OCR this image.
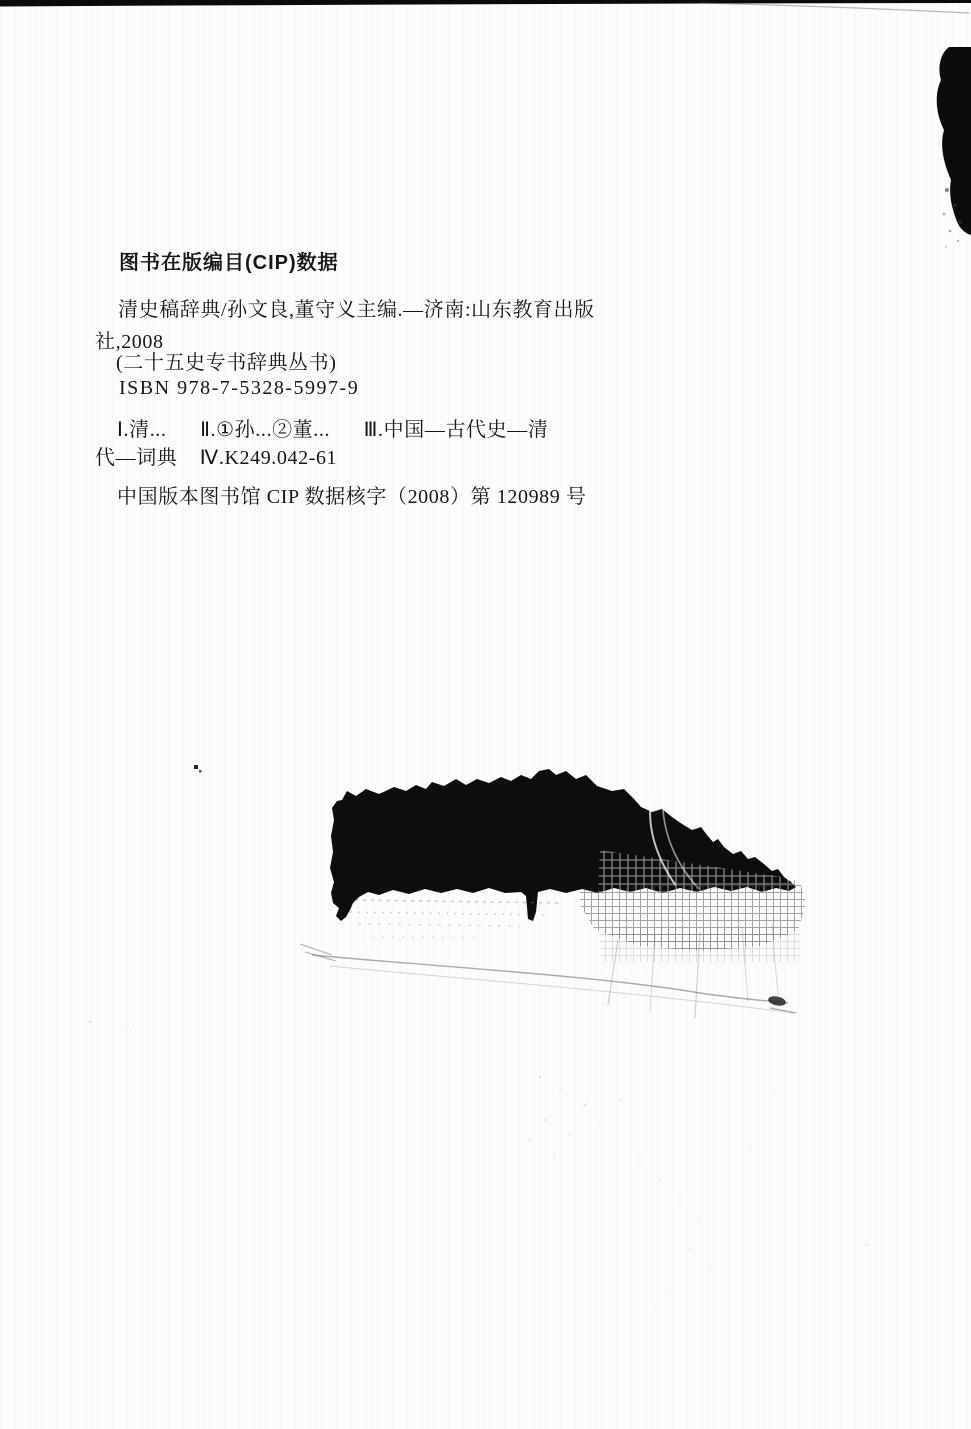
图书在版编目(CIP)数据
清史稿辞典/孙文良,董守义主编.—济南:山东教育出版
社,2008
(二十五史专书辞典丛书)
ISBN 978-7-5328-5997-9
Ⅰ.清...      Ⅱ.①孙...②董...      Ⅲ.中国—古代史—清
代—词典    Ⅳ.K249.042-61
中国版本图书馆 CIP 数据核字（2008）第 120989 号
